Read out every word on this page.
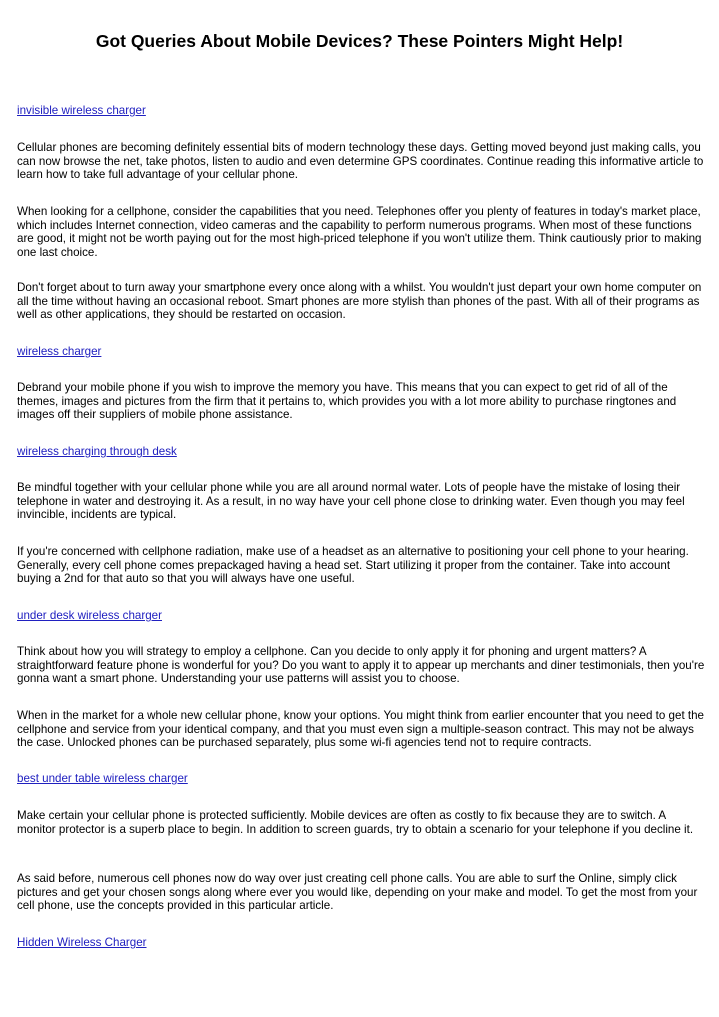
Got Queries About Mobile Devices? These Pointers Might Help!
invisible wireless charger

Cellular phones are becoming definitely essential bits of modern technology these days. Getting moved beyond just making calls, you can now browse the net, take photos, listen to audio and even determine GPS coordinates. Continue reading this informative article to learn how to take full advantage of your cellular phone.

When looking for a cellphone, consider the capabilities that you need. Telephones offer you plenty of features in today's market place, which includes Internet connection, video cameras and the capability to perform numerous programs. When most of these functions are good, it might not be worth paying out for the most high-priced telephone if you won't utilize them. Think cautiously prior to making one last choice.

Don't forget about to turn away your smartphone every once along with a whilst. You wouldn't just depart your own home computer on all the time without having an occasional reboot. Smart phones are more stylish than phones of the past. With all of their programs as well as other applications, they should be restarted on occasion.

wireless charger

Debrand your mobile phone if you wish to improve the memory you have. This means that you can expect to get rid of all of the themes, images and pictures from the firm that it pertains to, which provides you with a lot more ability to purchase ringtones and images off their suppliers of mobile phone assistance.

wireless charging through desk

Be mindful together with your cellular phone while you are all around normal water. Lots of people have the mistake of losing their telephone in water and destroying it. As a result, in no way have your cell phone close to drinking water. Even though you may feel invincible, incidents are typical.

If you're concerned with cellphone radiation, make use of a headset as an alternative to positioning your cell phone to your hearing. Generally, every cell phone comes prepackaged having a head set. Start utilizing it proper from the container. Take into account buying a 2nd for that auto so that you will always have one useful.

under desk wireless charger

Think about how you will strategy to employ a cellphone. Can you decide to only apply it for phoning and urgent matters? A straightforward feature phone is wonderful for you? Do you want to apply it to appear up merchants and diner testimonials, then you're gonna want a smart phone. Understanding your use patterns will assist you to choose.

When in the market for a whole new cellular phone, know your options. You might think from earlier encounter that you need to get the cellphone and service from your identical company, and that you must even sign a multiple-season contract. This may not be always the case. Unlocked phones can be purchased separately, plus some wi-fi agencies tend not to require contracts.

best under table wireless charger

Make certain your cellular phone is protected sufficiently. Mobile devices are often as costly to fix because they are to switch. A monitor protector is a superb place to begin. In addition to screen guards, try to obtain a scenario for your telephone if you decline it.

As said before, numerous cell phones now do way over just creating cell phone calls. You are able to surf the Online, simply click pictures and get your chosen songs along where ever you would like, depending on your make and model. To get the most from your cell phone, use the concepts provided in this particular article.

Hidden Wireless Charger
